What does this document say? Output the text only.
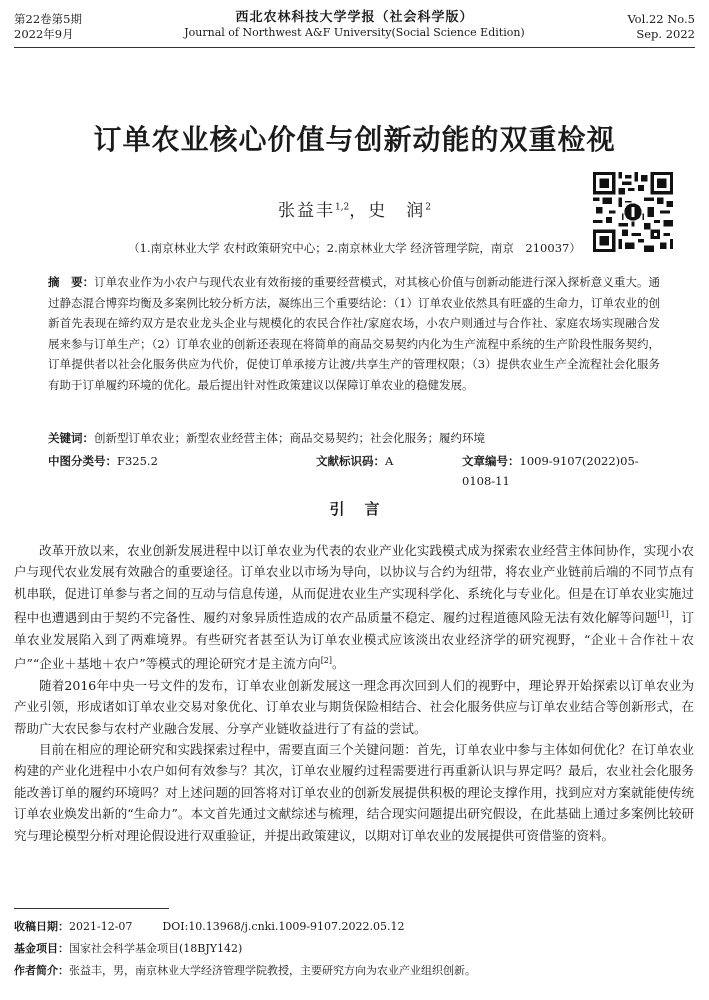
第22卷第5期
2022年9月
西北农林科技大学学报（社会科学版）
Journal of Northwest A&F University(Social Science Edition)
Vol.22 No.5
Sep. 2022
订单农业核心价值与创新动能的双重检视
张益丰$^{1,2}$，史　润$^2$
（1.南京林业大学 农村政策研究中心；2.南京林业大学 经济管理学院，南京　210037）
摘　要：订单农业作为小农户与现代农业有效衔接的重要经营模式，对其核心价值与创新动能进行深入探析意义重大。通过静态混合博弈均衡及多案例比较分析方法，凝练出三个重要结论：（1）订单农业依然具有旺盛的生命力，订单农业的创新首先表现在缔约双方是农业龙头企业与规模化的农民合作社/家庭农场，小农户则通过与合作社、家庭农场实现融合发展来参与订单生产；（2）订单农业的创新还表现在将简单的商品交易契约内化为生产流程中系统的生产阶段性服务契约，订单提供者以社会化服务供应为代价，促使订单承接方让渡/共享生产的管理权限；（3）提供农业生产全流程社会化服务有助于订单履约环境的优化。最后提出针对性政策建议以保障订单农业的稳健发展。
关键词：创新型订单农业；新型农业经营主体；商品交易契约；社会化服务；履约环境
中图分类号：F325.2	文献标识码：A	文章编号：1009-9107(2022)05-0108-11
引言

改革开放以来，农业创新发展进程中以订单农业为代表的农业产业化实践模式成为探索农业经营主体间协作，实现小农户与现代农业发展有效融合的重要途径。订单农业以市场为导向，以协议与合约为纽带，将农业产业链前后端的不同节点有机串联，促进订单参与者之间的互动与信息传递，从而促进农业生产实现科学化、系统化与专业化。但是在订单农业实施过程中也遭遇到由于契约不完备性、履约对象异质性造成的农产品质量不稳定、履约过程道德风险无法有效化解等问题[1]，订单农业发展陷入到了两难境界。有些研究者甚至认为订单农业模式应该淡出农业经济学的研究视野，“企业＋合作社＋农户”“企业＋基地＋农户”等模式的理论研究才是主流方向[2]。

随着2016年中央一号文件的发布，订单农业创新发展这一理念再次回到人们的视野中，理论界开始探索以订单农业为产业引领，形成诸如订单农业交易对象优化、订单农业与期货保险相结合、社会化服务供应与订单农业结合等创新形式，在帮助广大农民参与农村产业融合发展、分享产业链收益进行了有益的尝试。

目前在相应的理论研究和实践探索过程中，需要直面三个关键问题：首先，订单农业中参与主体如何优化？在订单农业构建的产业化进程中小农户如何有效参与？其次，订单农业履约过程需要进行再重新认识与界定吗？最后，农业社会化服务能改善订单的履约环境吗？对上述问题的回答将对订单农业的创新发展提供积极的理论支撑作用，找到应对方案就能使传统订单农业焕发出新的“生命力”。本文首先通过文献综述与梳理，结合现实问题提出研究假设，在此基础上通过多案例比较研究与理论模型分析对理论假设进行双重验证，并提出政策建议，以期对订单农业的发展提供可资借鉴的资料。

收稿日期：2021-12-07	DOI:10.13968/j.cnki.1009-9107.2022.05.12
基金项目：国家社会科学基金项目(18BJY142)
作者简介：张益丰，男，南京林业大学经济管理学院教授，主要研究方向为农业产业组织创新。
